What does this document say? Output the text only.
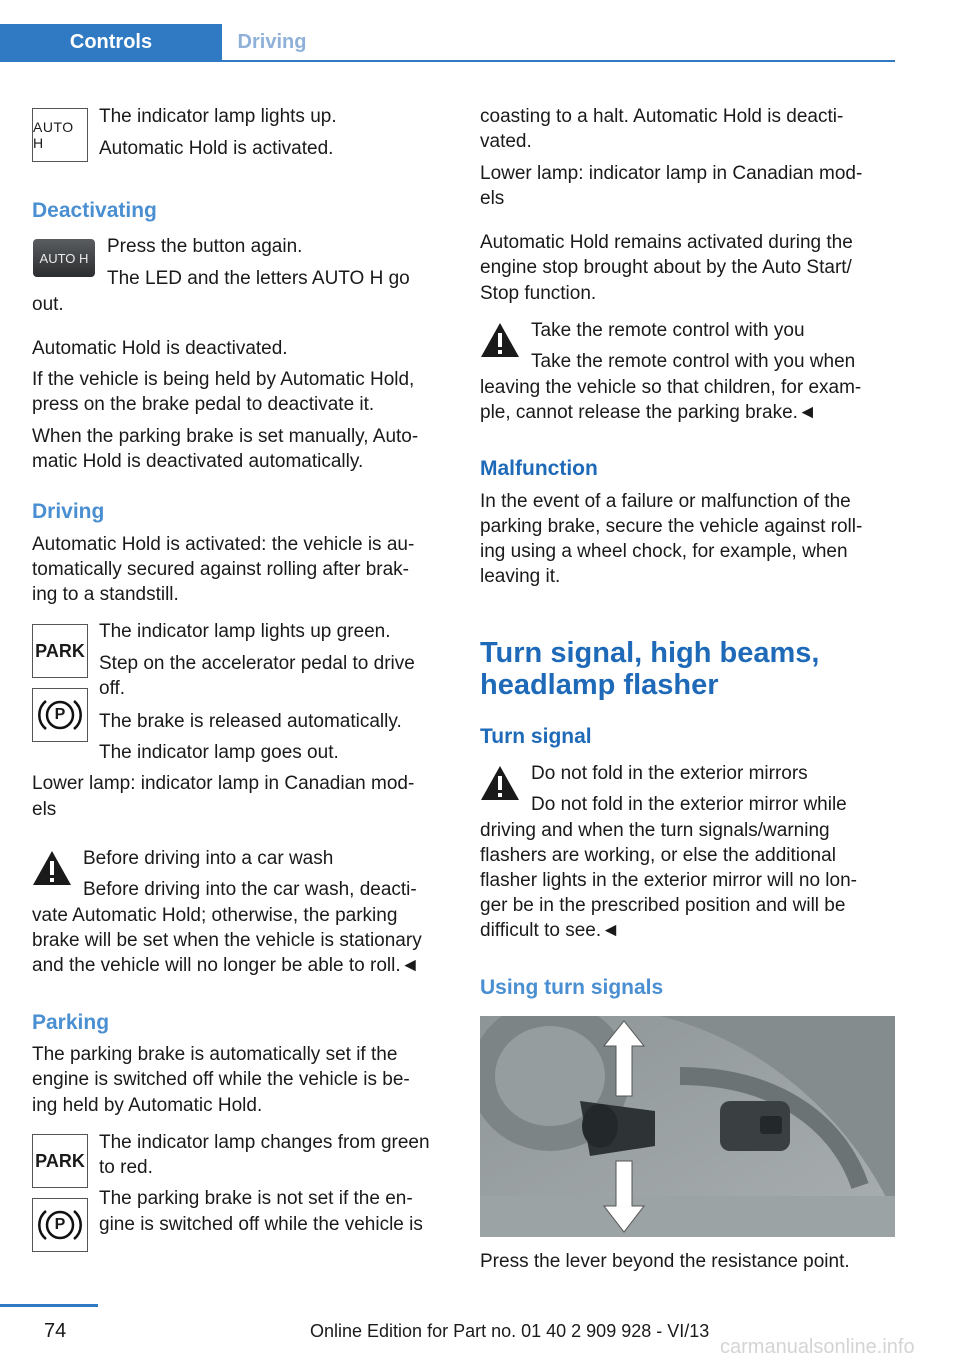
Controls	Driving
AUTO H

The indicator lamp lights up.

Automatic Hold is activated.

Deactivating

AUTO H

Press the button again.

The LED and the letters AUTO H go

out.

Automatic Hold is deactivated.

If the vehicle is being held by Automatic Hold,

press on the brake pedal to deactivate it.

When the parking brake is set manually, Auto‐

matic Hold is deactivated automatically.

Driving

Automatic Hold is activated: the vehicle is au‐

tomatically secured against rolling after brak‐

ing to a standstill.

PARK
P

The indicator lamp lights up green.

Step on the accelerator pedal to drive

off.

The brake is released automatically.

The indicator lamp goes out.

Lower lamp: indicator lamp in Canadian mod‐

els

Before driving into a car wash

Before driving into the car wash, deacti‐

vate Automatic Hold; otherwise, the parking

brake will be set when the vehicle is stationary

and the vehicle will no longer be able to roll.◄

Parking

The parking brake is automatically set if the

engine is switched off while the vehicle is be‐

ing held by Automatic Hold.

PARK
P

The indicator lamp changes from green

to red.

The parking brake is not set if the en‐

gine is switched off while the vehicle is

coasting to a halt. Automatic Hold is deacti‐

vated.

Lower lamp: indicator lamp in Canadian mod‐

els

Automatic Hold remains activated during the

engine stop brought about by the Auto Start/

Stop function.

Take the remote control with you

Take the remote control with you when

leaving the vehicle so that children, for exam‐

ple, cannot release the parking brake.◄

Malfunction

In the event of a failure or malfunction of the

parking brake, secure the vehicle against roll‐

ing using a wheel chock, for example, when

leaving it.

Turn signal, high beams,

headlamp flasher

Turn signal

Do not fold in the exterior mirrors

Do not fold in the exterior mirror while

driving and when the turn signals/warning

flashers are working, or else the additional

flasher lights in the exterior mirror will no lon‐

ger be in the prescribed position and will be

difficult to see.◄

Using turn signals

Press the lever beyond the resistance point.

74	Online Edition for Part no. 01 40 2 909 928 - VI/13

carmanualsonline.info
